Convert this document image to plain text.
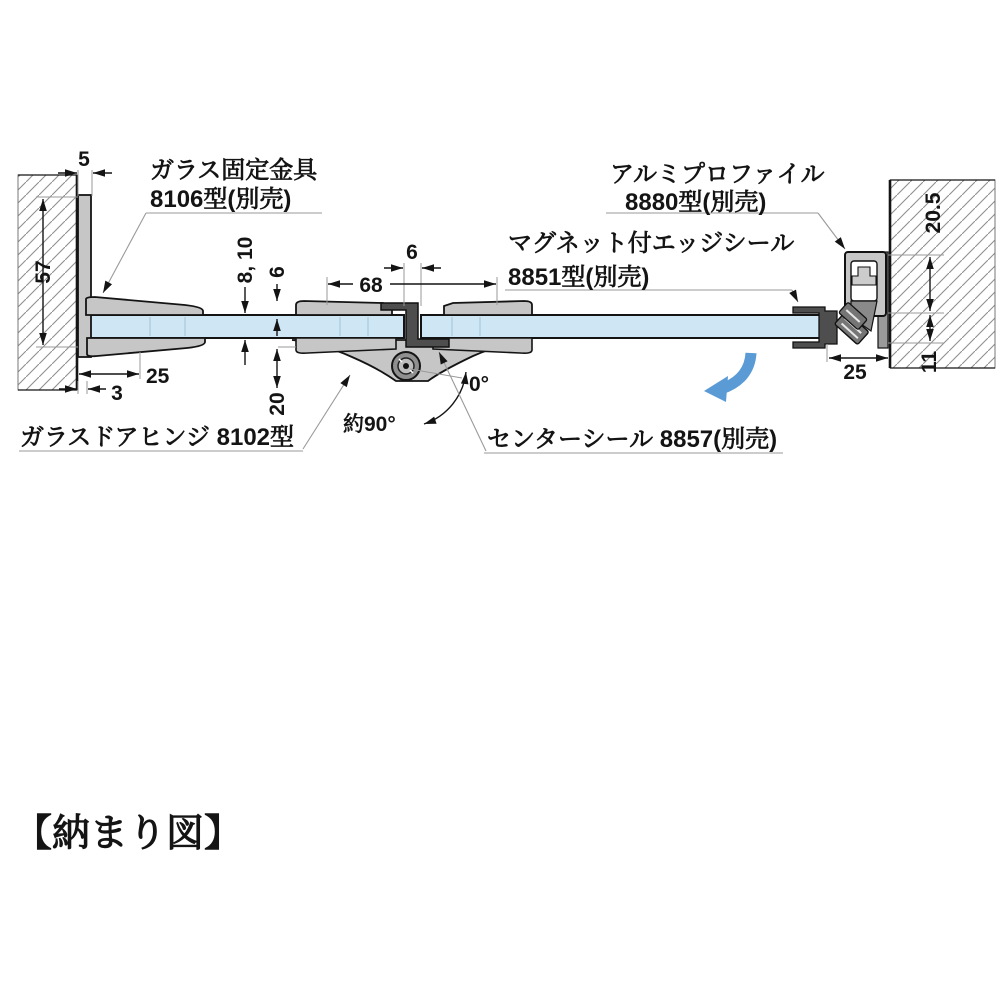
5
57
25
3
8, 10 6
20
6
68
25
20.5
11
約90°
0°
ガラス固定金具
8106型(別売)
アルミプロファイル
8880型(別売)
マグネット付エッジシール
8851型(別売)
ガラスドアヒンジ 8102型	センターシール 8857(別売)
【納まり図】
